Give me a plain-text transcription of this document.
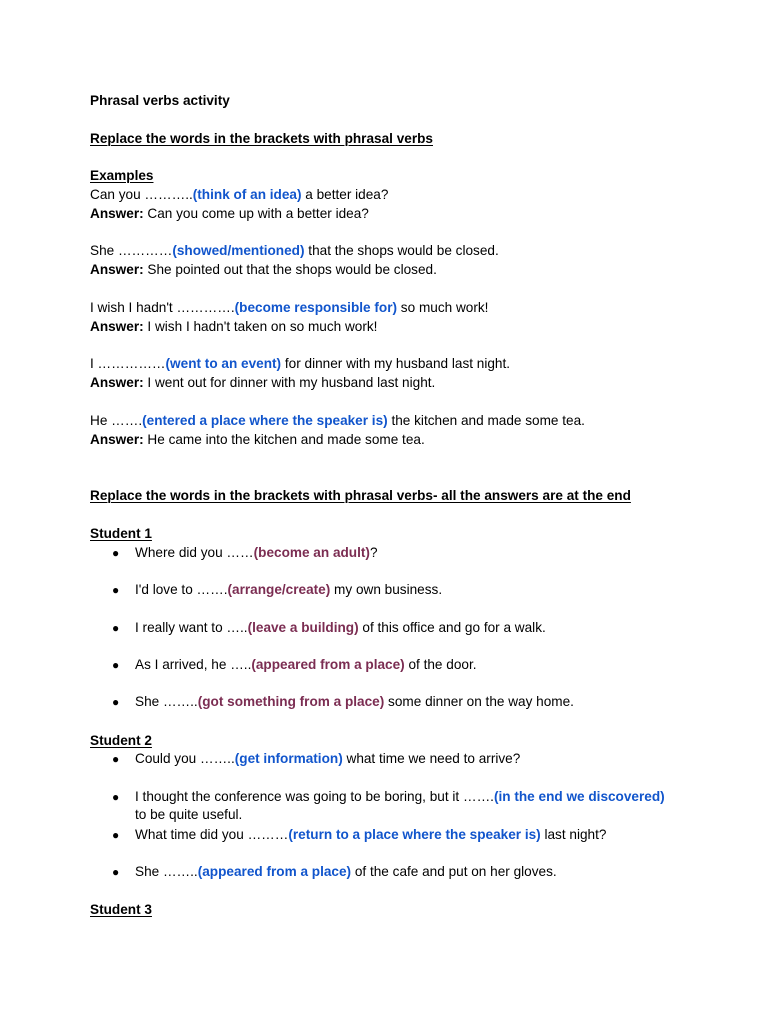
Phrasal verbs activity
Replace the words in the brackets with phrasal verbs
Examples
Can you ………..(think of an idea) a better idea?
Answer: Can you come up with a better idea?
She …………(showed/mentioned) that the shops would be closed.
Answer: She pointed out that the shops would be closed.
I wish I hadn't ………….(become responsible for) so much work!
Answer: I wish I hadn't taken on so much work!
I ……………(went to an event) for dinner with my husband last night.
Answer: I went out for dinner with my husband last night.
He …….(entered a place where the speaker is) the kitchen and made some tea.
Answer: He came into the kitchen and made some tea.
Replace the words in the brackets with phrasal verbs- all the answers are at the end
Student 1
● Where did you ……(become an adult)?
● I'd love to …….(arrange/create) my own business.
● I really want to …..(leave a building) of this office and go for a walk.
● As I arrived, he …..(appeared from a place) of the door.
● She ……..(got something from a place) some dinner on the way home.
Student 2
● Could you ……..(get information) what time we need to arrive?
● I thought the conference was going to be boring, but it …….(in the end we discovered)
to be quite useful.
● What time did you ………(return to a place where the speaker is) last night?
● She ……..(appeared from a place) of the cafe and put on her gloves.
Student 3
